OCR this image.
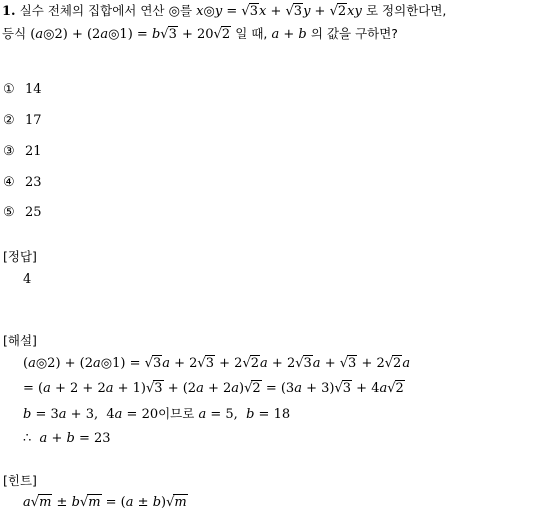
1. 실수 전체의 집합에서 연산 ◎를 x◎y = √3x + √3y + √2xy 로 정의한다면,
등식 (a◎2) + (2a◎1) = b√3 + 20√2 일 때, a + b 의 값을 구하면?
① 14
② 17
③ 21
④ 23
⑤ 25
[정답]
4
[해설]
(a◎2) + (2a◎1) = √3a + 2√3 + 2√2a + 2√3a + √3 + 2√2a
= (a + 2 + 2a + 1)√3 + (2a + 2a)√2 = (3a + 3)√3 + 4a√2
b = 3a + 3,  4a = 20이므로 a = 5,  b = 18
∴ a + b = 23
[힌트]
a√m ± b√m = (a ± b)√m
